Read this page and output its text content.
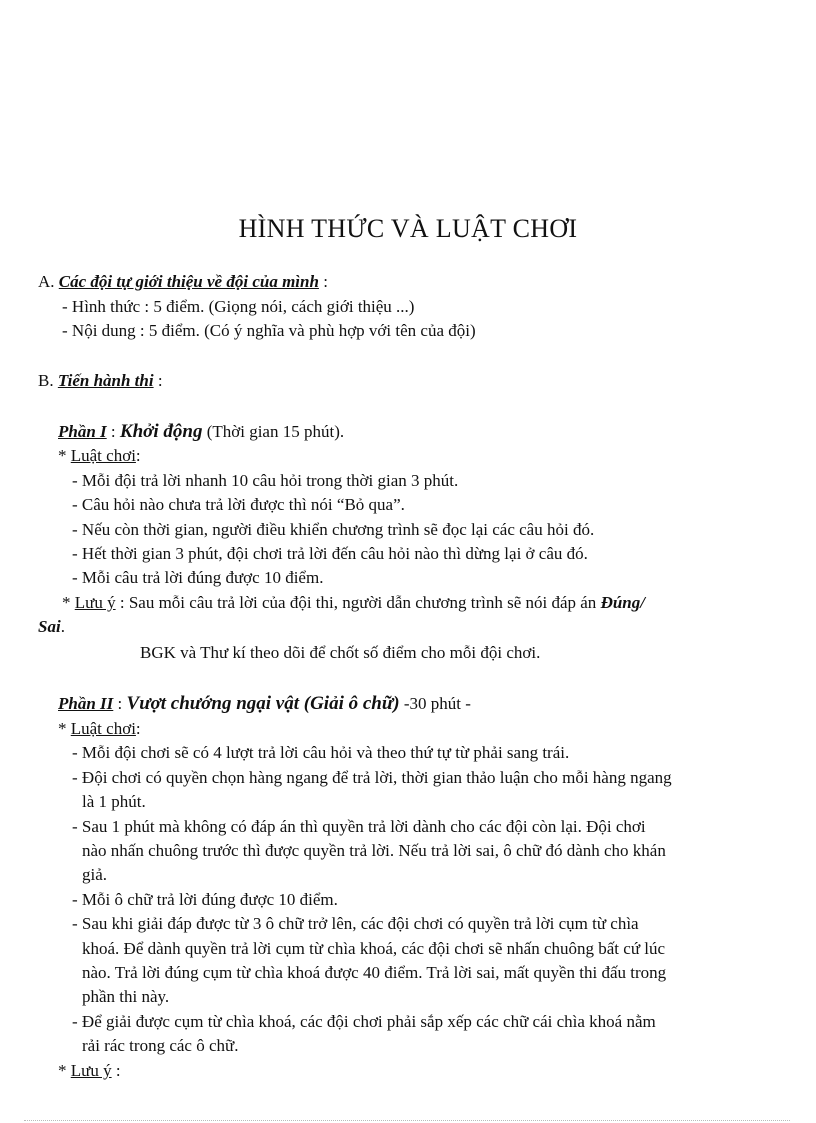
HÌNH THỨC VÀ LUẬT CHƠI
A. Các đội tự giới thiệu về đội của mình :
- Hình thức : 5 điểm. (Giọng nói, cách giới thiệu ...)
- Nội dung : 5 điểm. (Có ý nghĩa và phù hợp với tên của đội)
B. Tiến hành thi :
Phần I : Khởi động (Thời gian 15 phút).
* Luật chơi:
- Mỗi đội trả lời nhanh 10 câu hỏi trong thời gian 3 phút.
- Câu hỏi nào chưa trả lời được thì nói “Bỏ qua”.
- Nếu còn thời gian, người điều khiển chương trình sẽ đọc lại các câu hỏi đó.
- Hết thời gian 3 phút, đội chơi trả lời đến câu hỏi nào thì dừng lại ở câu đó.
- Mỗi câu trả lời đúng được 10 điểm.
* Lưu ý : Sau mỗi câu trả lời của đội thi, người dẫn chương trình sẽ nói đáp án Đúng/
Sai.
BGK và Thư kí theo dõi để chốt số điểm cho mỗi đội chơi.
Phần II : Vượt chướng ngại vật (Giải ô chữ) -30 phút -
* Luật chơi:
- Mỗi đội chơi sẽ có 4 lượt trả lời câu hỏi và theo thứ tự từ phải sang trái.
- Đội chơi có quyền chọn hàng ngang để trả lời, thời gian thảo luận cho mỗi hàng ngang
là 1 phút.
- Sau 1 phút mà không có đáp án thì quyền trả lời dành cho các đội còn lại. Đội chơi
nào nhấn chuông trước thì được quyền trả lời. Nếu trả lời sai, ô chữ đó dành cho khán
giả.
- Mỗi ô chữ trả lời đúng được 10 điểm.
- Sau khi giải đáp được từ 3 ô chữ trở lên, các đội chơi có quyền trả lời cụm từ chìa
khoá. Để dành quyền trả lời cụm từ chìa khoá, các đội chơi sẽ nhấn chuông bất cứ lúc
nào. Trả lời đúng cụm từ chìa khoá được 40 điểm. Trả lời sai, mất quyền thi đấu trong
phần thi này.
- Để giải được cụm từ chìa khoá, các đội chơi phải sắp xếp các chữ cái chìa khoá nằm
rải rác trong các ô chữ.
* Lưu ý :
